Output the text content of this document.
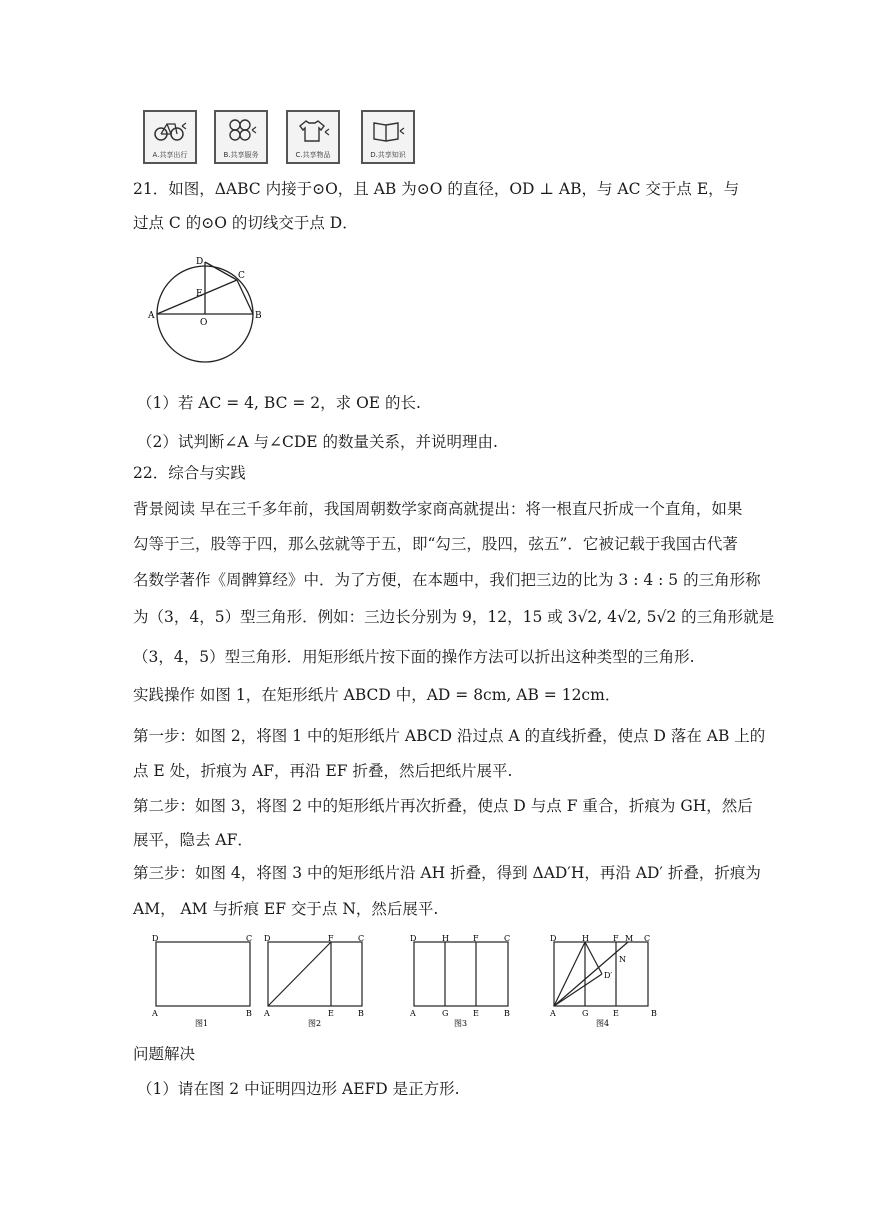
A.共享出行	B.共享服务	C.共享物品	D.共享知识
21．如图，ΔABC 内接于⊙O，且 AB 为⊙O 的直径，OD ⊥ AB，与 AC 交于点 E，与
过点 C 的⊙O 的切线交于点 D．
D
C
E
A
O
B
（1）若 AC = 4, BC = 2，求 OE 的长.
（2）试判断∠A 与∠CDE 的数量关系，并说明理由.
22．综合与实践
背景阅读 早在三千多年前，我国周朝数学家商高就提出：将一根直尺折成一个直角，如果
勾等于三，股等于四，那么弦就等于五，即“勾三，股四，弦五”．它被记载于我国古代著
名数学著作《周髀算经》中．为了方便，在本题中，我们把三边的比为 3 : 4 : 5 的三角形称
为（3，4，5）型三角形．例如：三边长分别为 9，12，15 或 3√2, 4√2, 5√2 的三角形就是
（3，4，5）型三角形．用矩形纸片按下面的操作方法可以折出这种类型的三角形.
实践操作 如图 1，在矩形纸片 ABCD 中，AD = 8cm, AB = 12cm．
第一步：如图 2，将图 1 中的矩形纸片 ABCD 沿过点 A 的直线折叠，使点 D 落在 AB 上的
点 E 处，折痕为 AF，再沿 EF 折叠，然后把纸片展平.
第二步：如图 3，将图 2 中的矩形纸片再次折叠，使点 D 与点 F 重合，折痕为 GH，然后
展平，隐去 AF．
第三步：如图 4，将图 3 中的矩形纸片沿 AH 折叠，得到 ΔAD′H，再沿 AD′ 折叠，折痕为
AM， AM 与折痕 EF 交于点 N，然后展平.
D	C
A	B
图1
D	F	C
A	E	B
图2
D	H	F	C
A	G	E	B
图3
D	H	F M C
N
D′
A	G	E	B
图4
问题解决
（1）请在图 2 中证明四边形 AEFD 是正方形.
